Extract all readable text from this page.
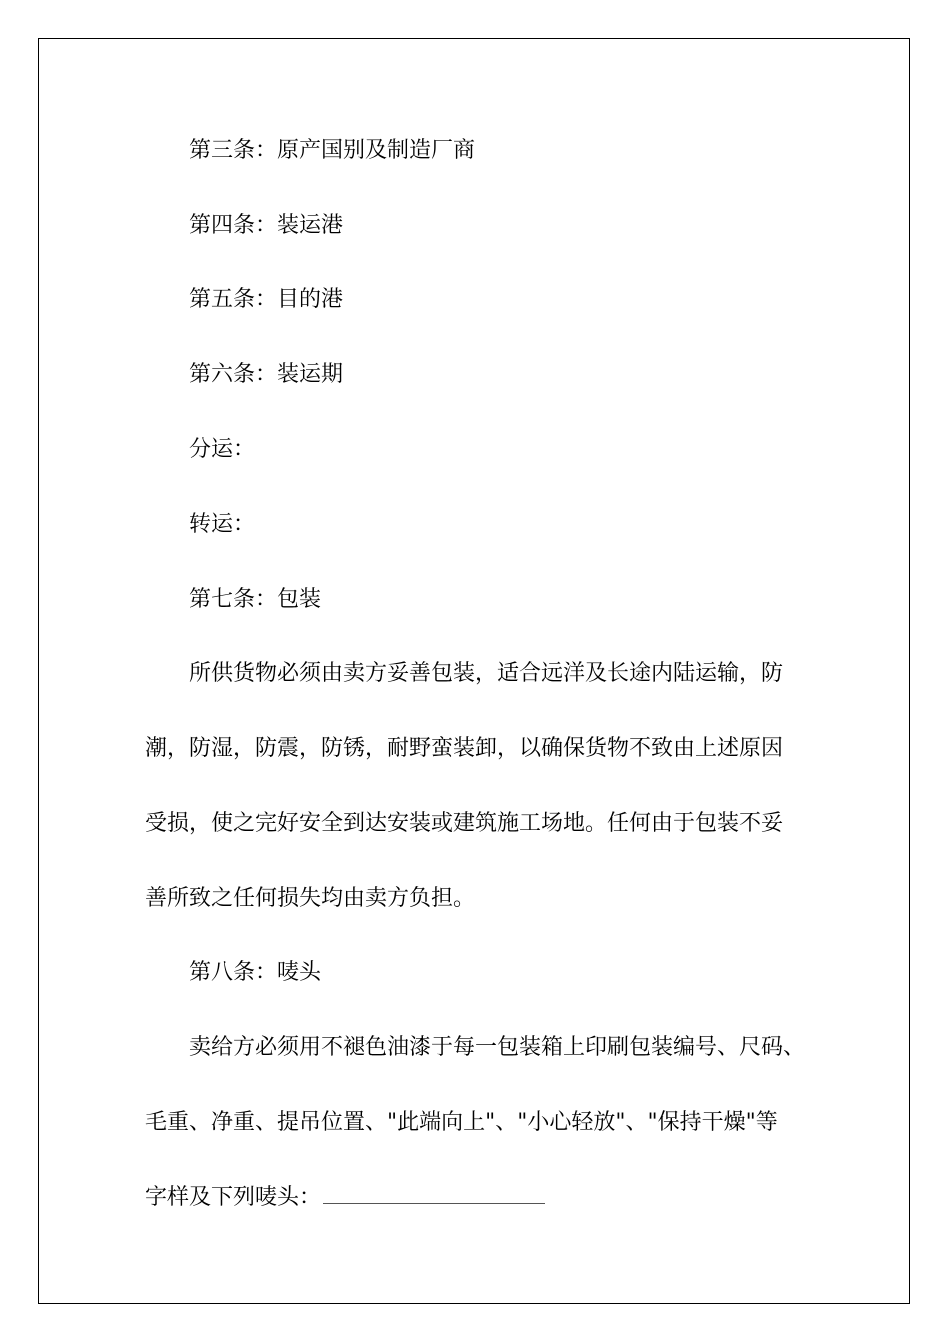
第三条：原产国别及制造厂商
第四条：装运港
第五条：目的港
第六条：装运期
分运：
转运：
第七条：包装
所供货物必须由卖方妥善包装，适合远洋及长途内陆运输，防
潮，防湿，防震，防锈，耐野蛮装卸，以确保货物不致由上述原因
受损，使之完好安全到达安装或建筑施工场地。任何由于包装不妥
善所致之任何损失均由卖方负担。
第八条：唛头
卖给方必须用不褪色油漆于每一包装箱上印刷包装编号、尺码、
毛重、净重、提吊位置、"此端向上"、"小心轻放"、"保持干燥"等
字样及下列唛头：
